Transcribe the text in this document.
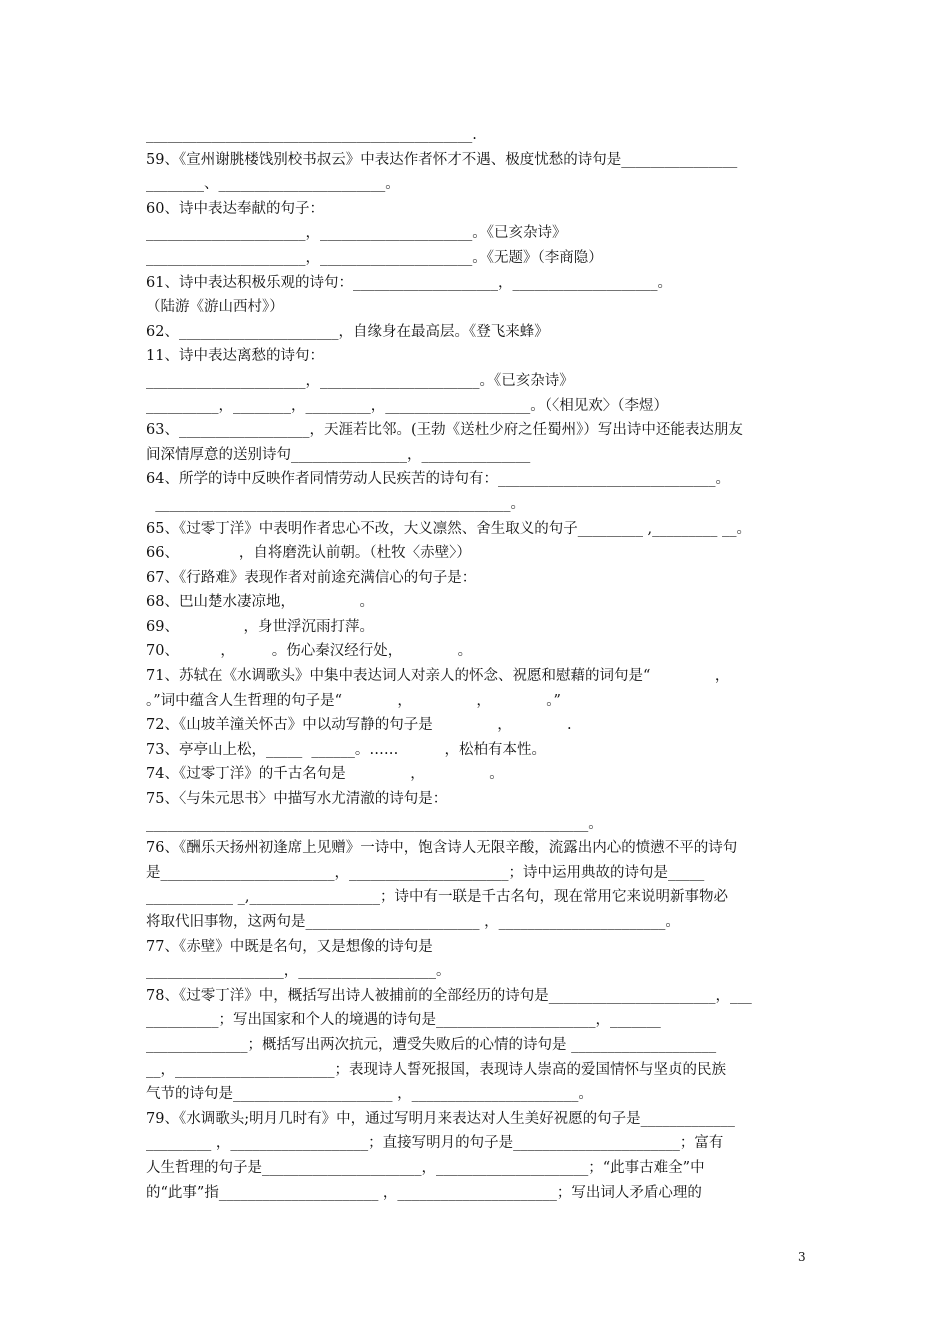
_____________________________________________.
59、《宣州谢朓楼饯别校书叔云》中表达作者怀才不遇、极度忧愁的诗句是________________
________、_______________________。
60、诗中表达奉献的句子：
______________________，_____________________。《已亥杂诗》
______________________，_____________________。《无题》（李商隐）
61、诗中表达积极乐观的诗句：____________________，____________________。
（陆游《游山西村》）
62、______________________，自缘身在最高层。《登飞来蜂》
11、诗中表达离愁的诗句：
______________________，______________________。《已亥杂诗》
__________，________，_________，____________________。（〈相见欢〉（李煜）
63、__________________，天涯若比邻。(王勃《送杜少府之任蜀州》）写出诗中还能表达朋友
间深情厚意的送别诗句________________，_______________
64、所学的诗中反映作者同情劳动人民疾苦的诗句有：______________________________。
_________________________________________________。
65、《过零丁洋》中表明作者忠心不改，大义凛然、舍生取义的句子_________ ,_________ __。
66、             ，自将磨洗认前朝。（杜牧〈赤壁〉）
67、《行路难》表现作者对前途充满信心的句子是：
68、巴山楚水凄凉地，              。
69、              ，身世浮沉雨打萍。
70、         ，        。伤心秦汉经行处，            。
71、苏轼在《水调歌头》中集中表达词人对亲人的怀念、祝愿和慰藉的词句是“              ，
。”词中蕴含人生哲理的句子是“            ，              ，            。”
72、《山坡羊潼关怀古》中以动写静的句子是              ，            .
73、亭亭山上松，_____  ______。……          ，松柏有本性。
74、《过零丁洋》的千古名句是              ，              。
75、〈与朱元思书〉中描写水尤清澈的诗句是：
_____________________________________________________________。
76、《酬乐天扬州初逢席上见赠》一诗中，饱含诗人无限辛酸，流露出内心的愤懑不平的诗句
是________________________，______________________；诗中运用典故的诗句是_____
____________ _,__________________；诗中有一联是千古名句，现在常用它来说明新事物必
将取代旧事物，这两句是________________________ ，_______________________。
77、《赤壁》中既是名句，又是想像的诗句是
___________________，___________________。
78、《过零丁洋》中，概括写出诗人被捕前的全部经历的诗句是_______________________，___
__________；写出国家和个人的境遇的诗句是______________________，_______
______________；概括写出两次抗元，遭受失败后的心情的诗句是 ____________________
__，______________________；表现诗人誓死报国，表现诗人崇高的爱国情怀与坚贞的民族
气节的诗句是______________________ ，_______________________。
79、《水调歌头;明月几时有》中，通过写明月来表达对人生美好祝愿的句子是_____________
_________ ，___________________；直接写明月的句子是_______________________；富有
人生哲理的句子是______________________，_____________________；“此事古难全”中
的“此事”指______________________ ，______________________；写出词人矛盾心理的
3
